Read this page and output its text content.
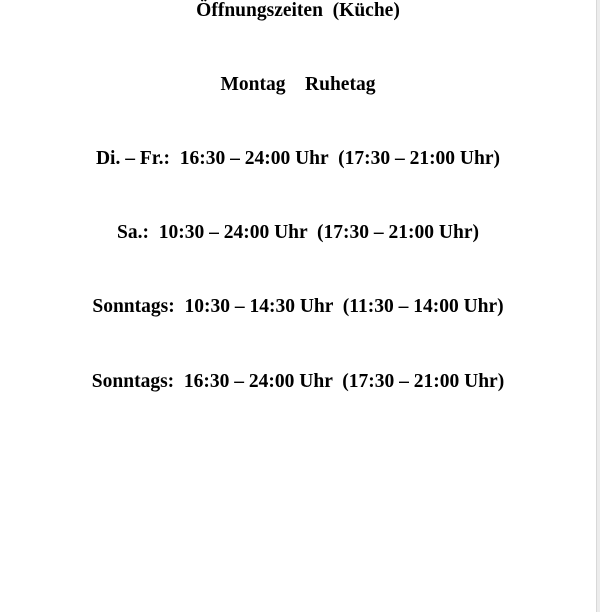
Öffnungszeiten  (Küche)

Montag    Ruhetag

Di. – Fr.:  16:30 – 24:00 Uhr  (17:30 – 21:00 Uhr)

Sa.:  10:30 – 24:00 Uhr  (17:30 – 21:00 Uhr)

Sonntags:  10:30 – 14:30 Uhr  (11:30 – 14:00 Uhr)

Sonntags:  16:30 – 24:00 Uhr  (17:30 – 21:00 Uhr)
